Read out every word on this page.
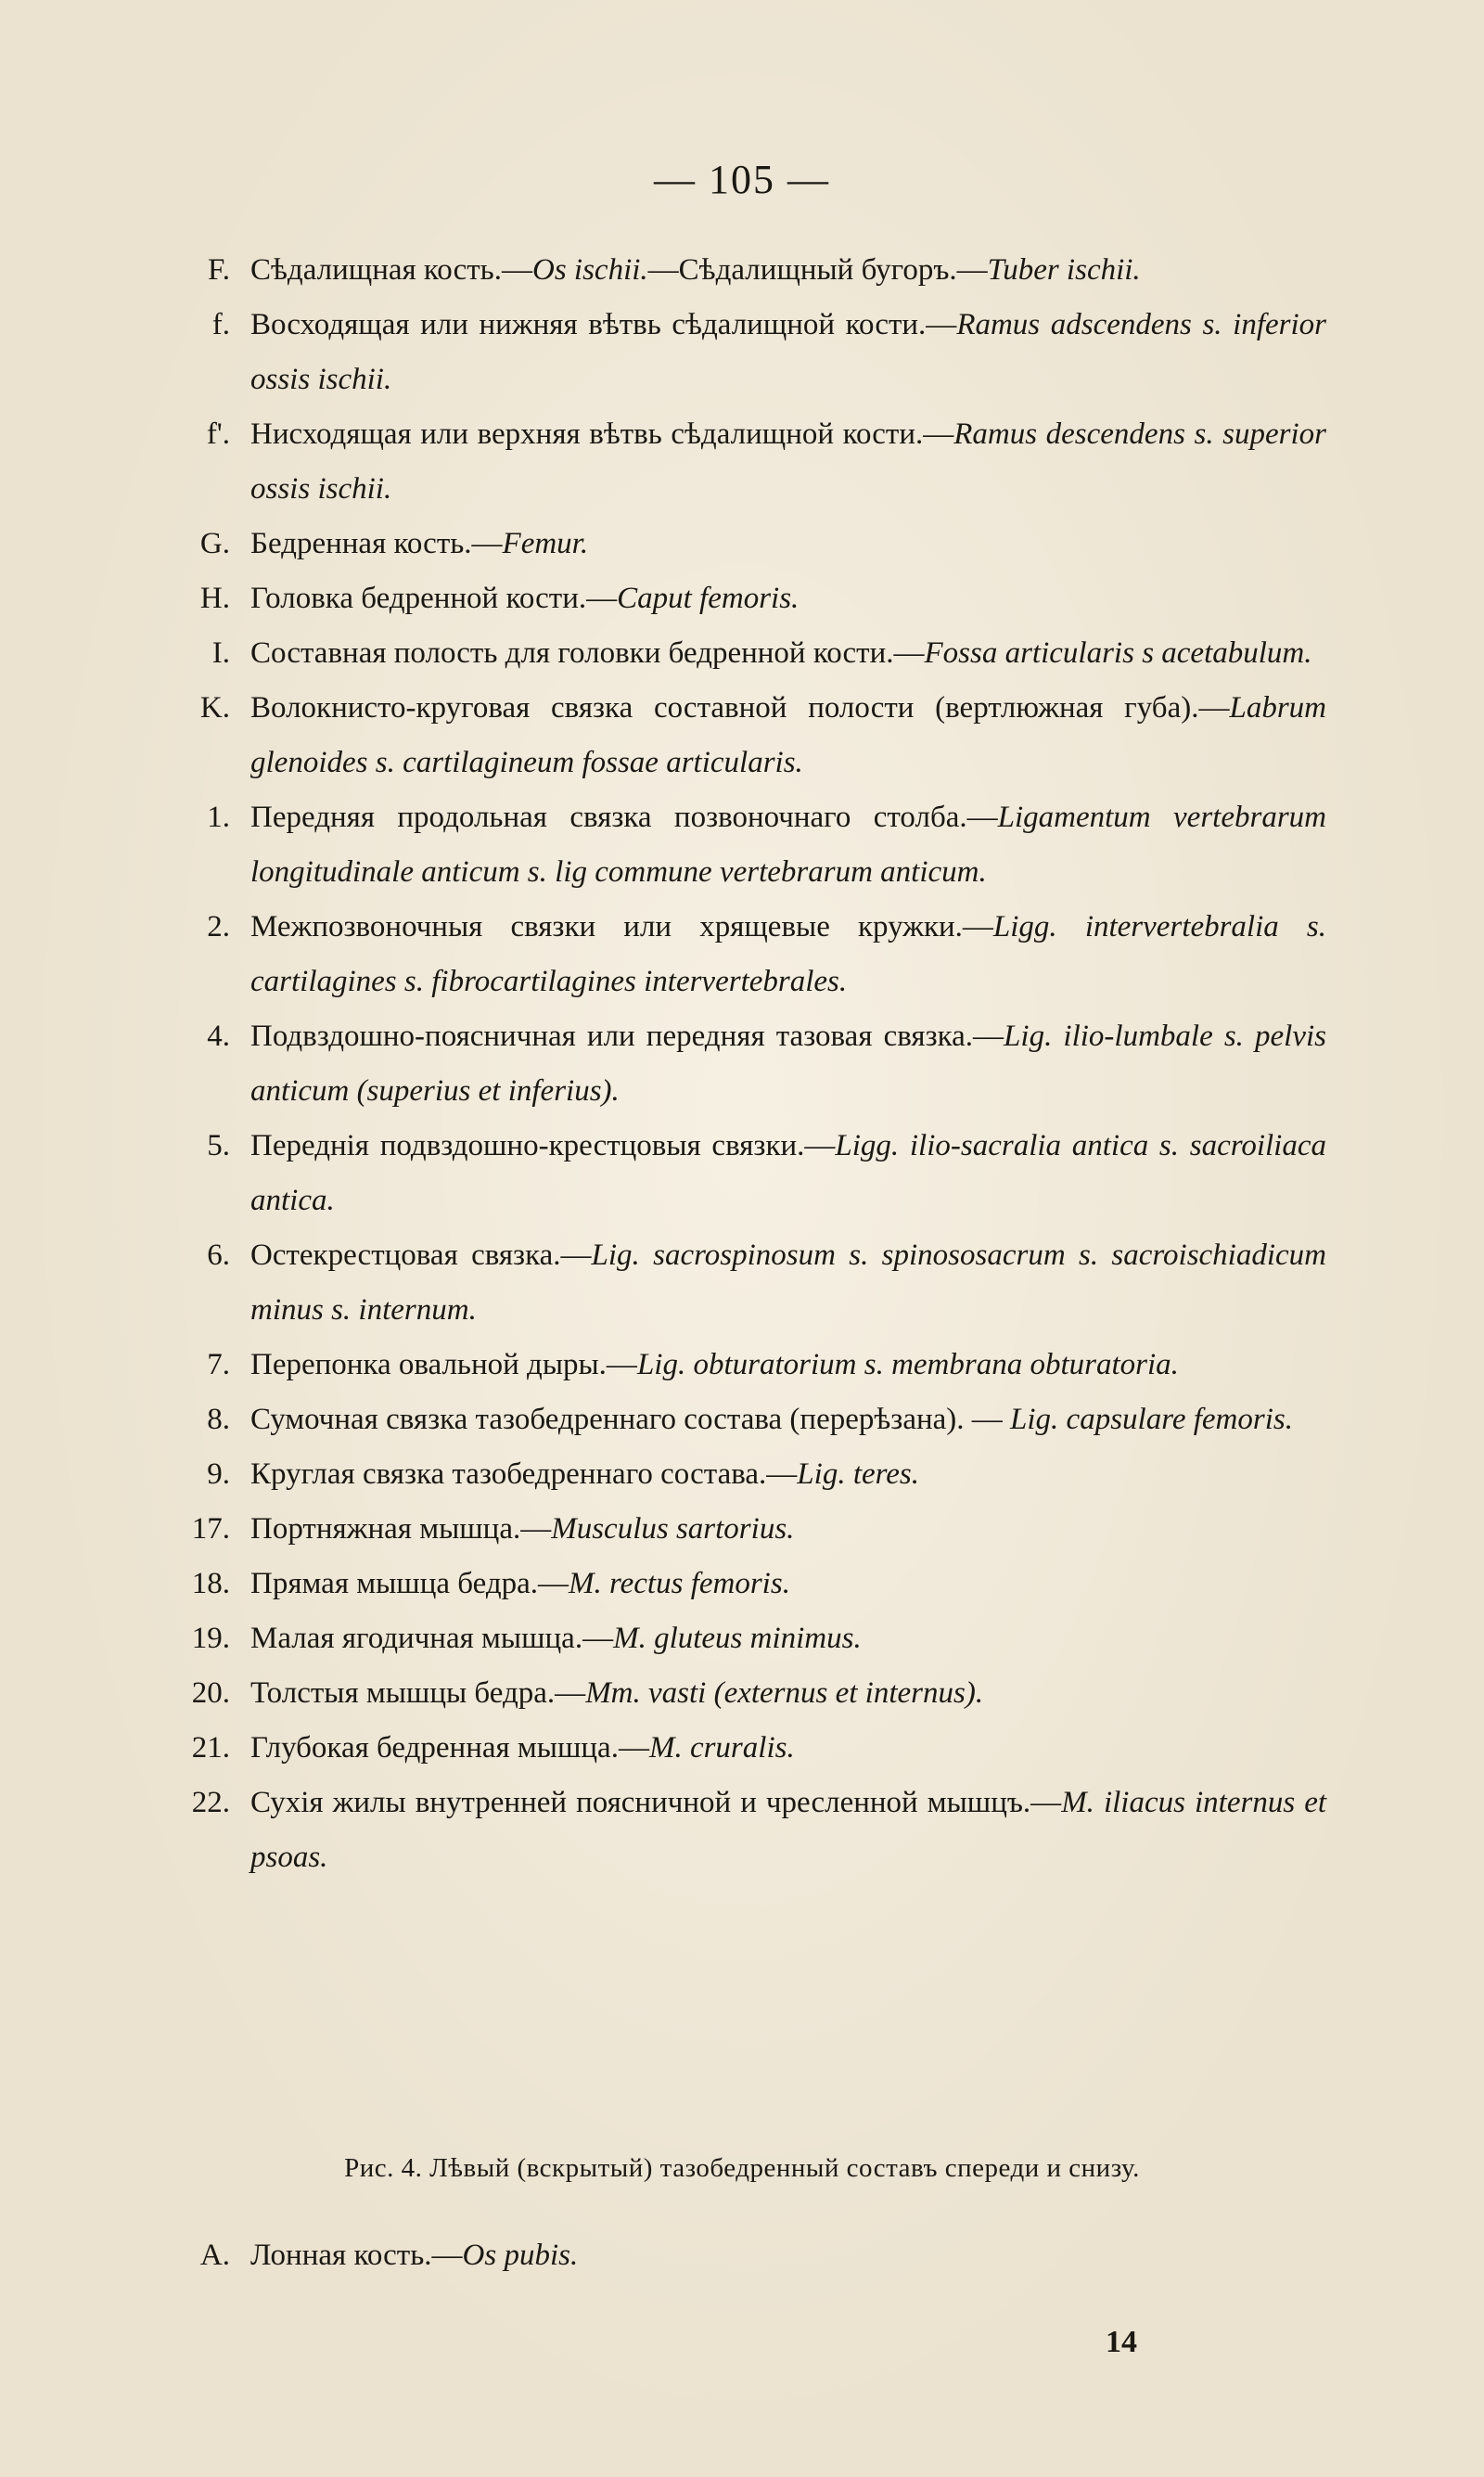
— 105 —
F. Сѣдалищная кость.—Os ischii.—Сѣдалищный бугоръ.—Tuber ischii.
f. Восходящая или нижняя вѣтвь сѣдалищной кости.—Ramus adscendens s. inferior ossis ischii.
f'. Нисходящая или верхняя вѣтвь сѣдалищной кости.—Ramus descendens s. superior ossis ischii.
G. Бедренная кость.—Femur.
H. Головка бедренной кости.—Caput femoris.
I. Составная полость для головки бедренной кости.—Fossa articularis s acetabulum.
K. Волокнисто-круговая связка составной полости (вертлюжная губа).—Labrum glenoides s. cartilagineum fossae articularis.
1. Передняя продольная связка позвоночнаго столба.—Ligamentum vertebrarum longitudinale anticum s. lig commune vertebrarum anticum.
2. Межпозвоночныя связки или хрящевые кружки.—Ligg. intervertebralia s. cartilagines s. fibrocartilagines intervertebrales.
4. Подвздошно-поясничная или передняя тазовая связка.—Lig. ilio-lumbale s. pelvis anticum (superius et inferius).
5. Переднія подвздошно-крестцовыя связки.—Ligg. ilio-sacralia antica s. sacroiliaca antica.
6. Остекрестцовая связка.—Lig. sacrospinosum s. spinososacrum s. sacroischiadicum minus s. internum.
7. Перепонка овальной дыры.—Lig. obturatorium s. membrana obturatoria.
8. Сумочная связка тазобедреннаго состава (перерѣзана). — Lig. capsulare femoris.
9. Круглая связка тазобедреннаго состава.—Lig. teres.
17. Портняжная мышца.—Musculus sartorius.
18. Прямая мышца бедра.—M. rectus femoris.
19. Малая ягодичная мышца.—M. gluteus minimus.
20. Толстыя мышцы бедра.—Mm. vasti (externus et internus).
21. Глубокая бедренная мышца.—M. cruralis.
22. Сухія жилы внутренней поясничной и чресленной мышцъ.—M. iliacus internus et psoas.
Рис. 4. Лѣвый (вскрытый) тазобедренный составъ спереди и снизу.
A. Лонная кость.—Os pubis.
14
